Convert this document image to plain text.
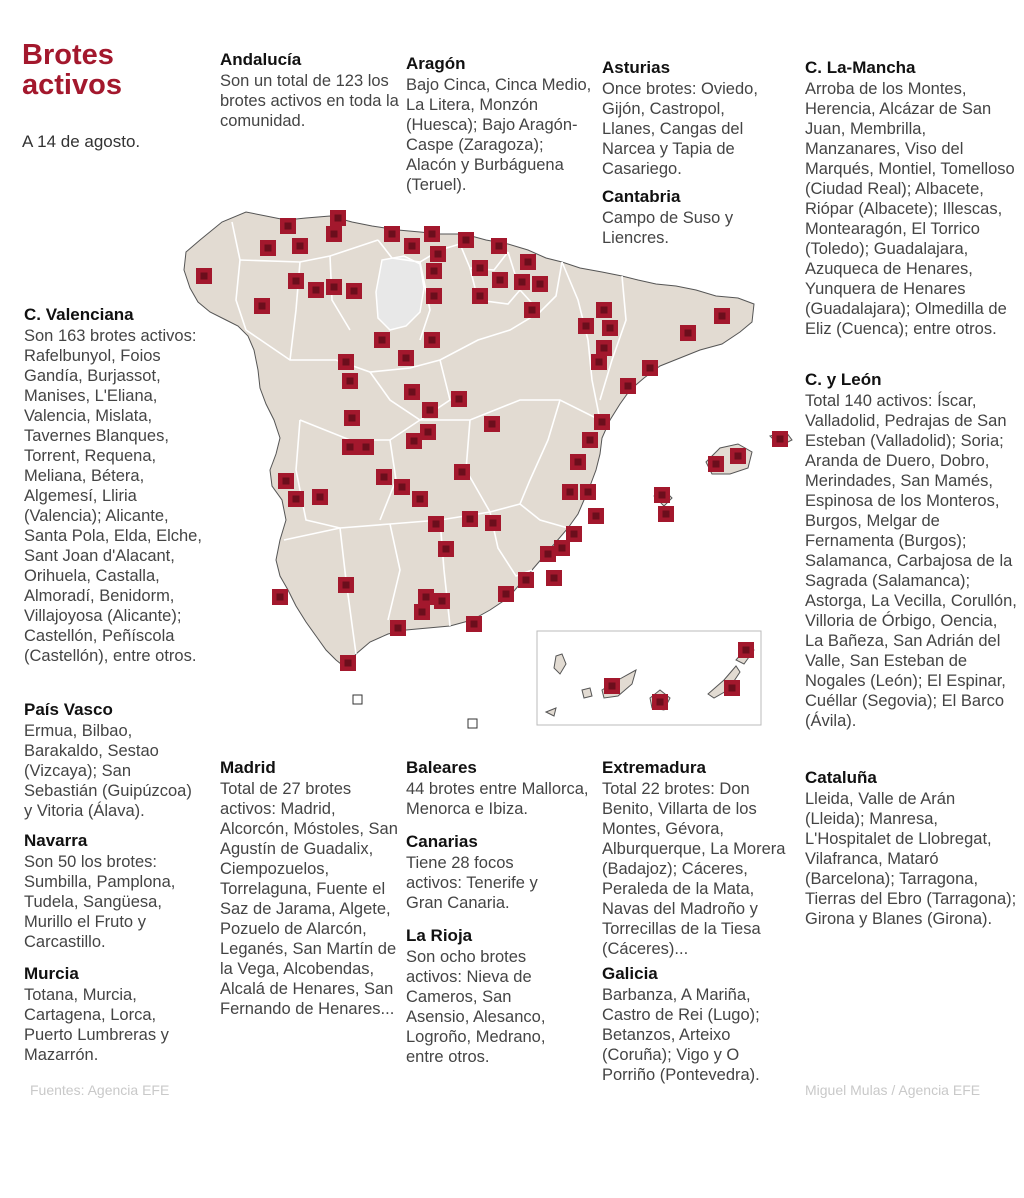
Brotes activos
A 14 de agosto.
Andalucía

Son un total de 123 los brotes activos en toda la comunidad.

Aragón

Bajo Cinca, Cinca Medio, La Litera, Monzón (Huesca); Bajo Aragón-Caspe (Zaragoza); Alacón y Burbáguena (Teruel).

Asturias

Once brotes: Oviedo, Gijón, Castropol, Llanes, Cangas del Narcea y Tapia de Casariego.

Cantabria

Campo de Suso y Liencres.

C. La-Mancha

Arroba de los Montes, Herencia, Alcázar de San Juan, Membrilla, Manzanares, Viso del Marqués, Montiel, Tomelloso (Ciudad Real); Albacete, Riópar (Albacete); Illescas, Montearagón, El Torrico (Toledo); Guadalajara, Azuqueca de Henares, Yunquera de Henares (Guadalajara); Olmedilla de Eliz (Cuenca); entre otros.

C. y León

Total 140 activos: Íscar, Valladolid, Pedrajas de San Esteban (Valladolid); Soria; Aranda de Duero, Dobro, Merindades, San Mamés, Espinosa de los Monteros, Burgos, Melgar de Fernamenta (Burgos); Salamanca, Carbajosa de la Sagrada (Salamanca); Astorga, La Vecilla, Corullón, Villoria de Órbigo, Oencia, La Bañeza, San Adrián del Valle, San Esteban de Nogales (León); El Espinar, Cuéllar (Segovia); El Barco (Ávila).

Cataluña

Lleida, Valle de Arán (Lleida); Manresa, L'Hospitalet de Llobregat, Vilafranca, Mataró (Barcelona); Tarragona, Tierras del Ebro (Tarragona); Girona y Blanes (Girona).

C. Valenciana

Son 163 brotes activos: Rafelbunyol, Foios Gandía, Burjassot, Manises, L'Eliana, Valencia, Mislata, Tavernes Blanques, Torrent, Requena, Meliana, Bétera, Algemesí, Lliria (Valencia); Alicante, Santa Pola, Elda, Elche, Sant Joan d'Alacant, Orihuela, Castalla, Almoradí, Benidorm, Villajoyosa (Alicante); Castellón, Peñíscola (Castellón), entre otros.

País Vasco

Ermua, Bilbao, Barakaldo, Sestao (Vizcaya); San Sebastián (Guipúzcoa) y Vitoria (Álava).

Navarra

Son 50 los brotes: Sumbilla, Pamplona, Tudela, Sangüesa, Murillo el Fruto y Carcastillo.

Murcia

Totana, Murcia, Cartagena, Lorca, Puerto Lumbreras y Mazarrón.

Madrid

Total de 27 brotes activos: Madrid, Alcorcón, Móstoles, San Agustín de Guadalix, Ciempozuelos, Torrelaguna, Fuente el Saz de Jarama, Algete, Pozuelo de Alarcón, Leganés, San Martín de la Vega, Alcobendas, Alcalá de Henares, San Fernando de Henares...

Baleares

44 brotes entre Mallorca, Menorca e Ibiza.

Canarias

Tiene 28 focos activos: Tenerife y Gran Canaria.

La Rioja

Son ocho brotes activos: Nieva de Cameros, San Asensio, Alesanco, Logroño, Medrano, entre otros.

Extremadura

Total 22 brotes: Don Benito, Villarta de los Montes, Gévora, Alburquerque, La Morera (Badajoz); Cáceres, Peraleda de la Mata, Navas del Madroño y Torrecillas de la Tiesa (Cáceres)...

Galicia

Barbanza, A Mariña, Castro de Rei (Lugo); Betanzos, Arteixo (Coruña); Vigo y O Porriño (Pontevedra).

Fuentes: Agencia EFE	Miguel Mulas / Agencia EFE
